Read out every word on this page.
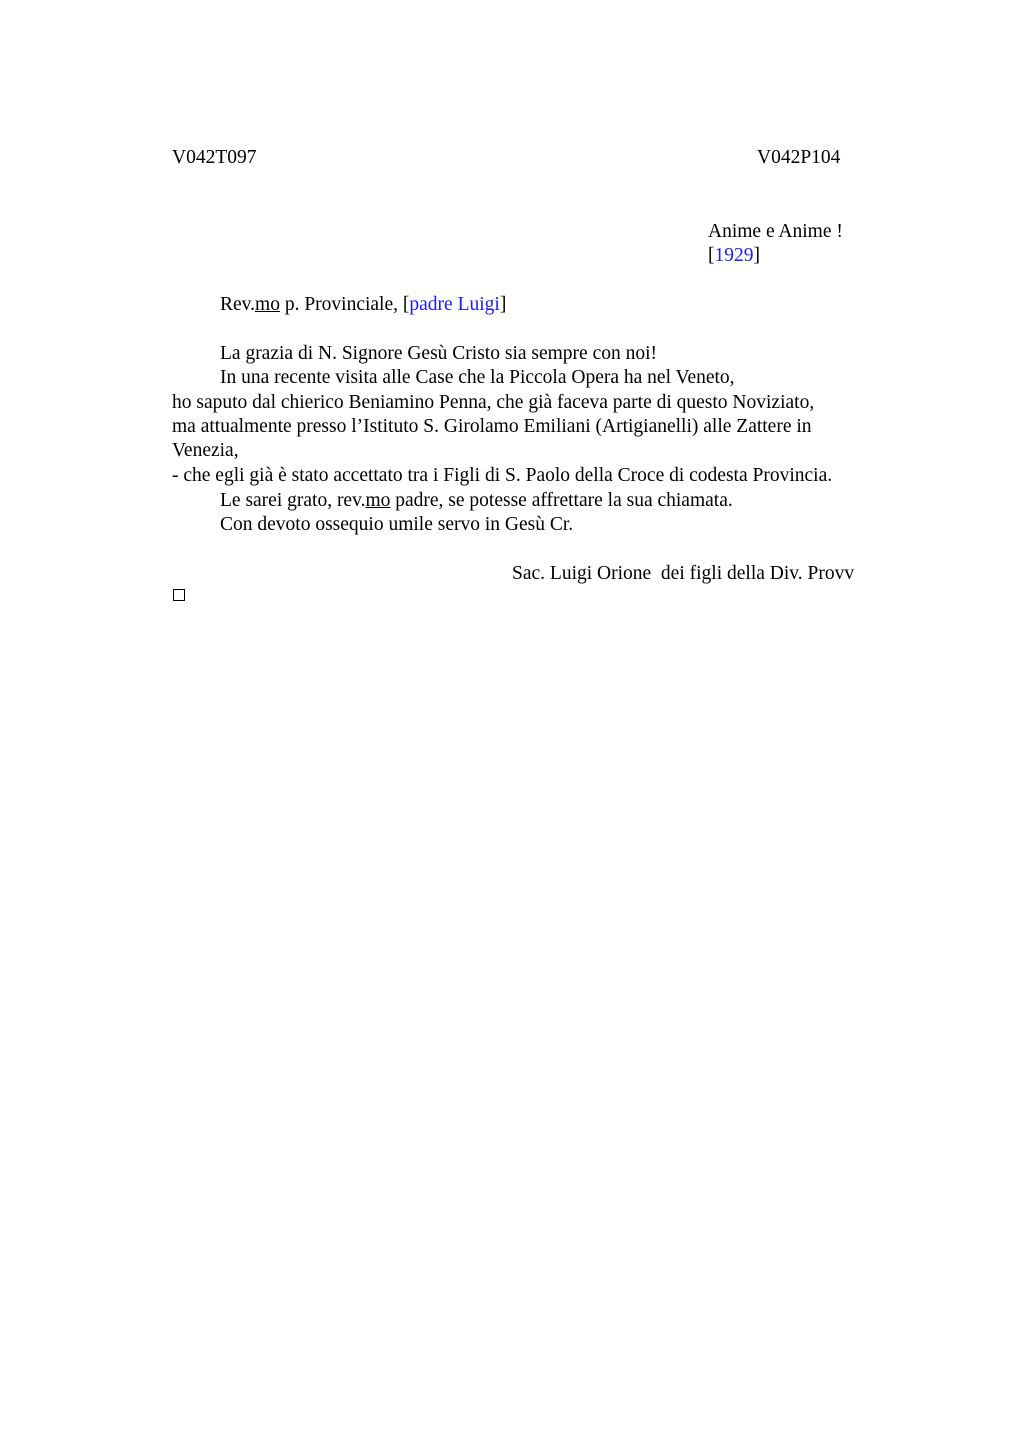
V042T097	V042P104

Anime e Anime !

[1929]

Rev.mo p. Provinciale, [padre Luigi]

La grazia di N. Signore Gesù Cristo sia sempre con noi!

In una recente visita alle Case che la Piccola Opera ha nel Veneto,

ho saputo dal chierico Beniamino Penna, che già faceva parte di questo Noviziato,

ma attualmente presso l’Istituto S. Girolamo Emiliani (Artigianelli) alle Zattere in

Venezia,

- che egli già è stato accettato tra i Figli di S. Paolo della Croce di codesta Provincia.

Le sarei grato, rev.mo padre, se potesse affrettare la sua chiamata.

Con devoto ossequio umile servo in Gesù Cr.

Sac. Luigi Orione  dei figli della Div. Provv
